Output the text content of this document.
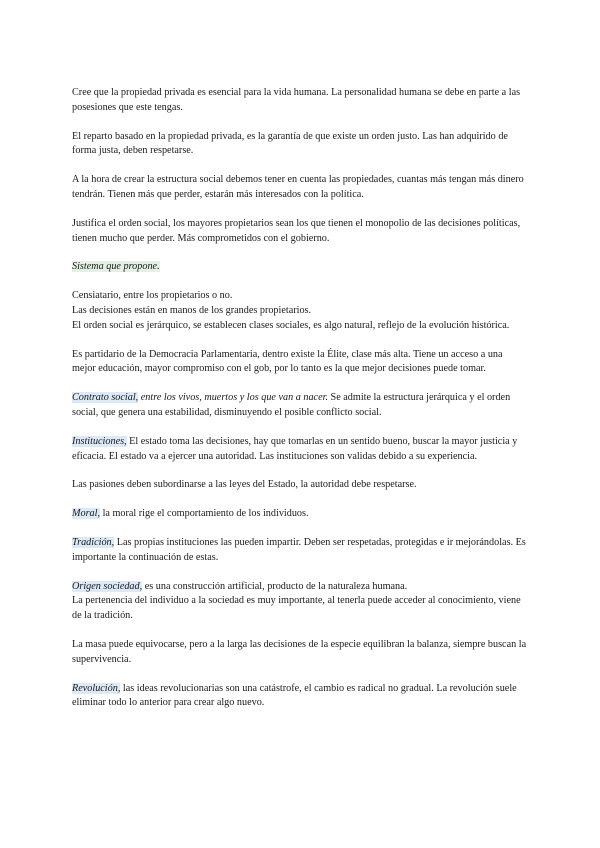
Cree que la propiedad privada es esencial para la vida humana. La personalidad humana se debe en parte a las posesiones que este tengas.

El reparto basado en la propiedad privada, es la garantía de que existe un orden justo. Las han adquirido de forma justa, deben respetarse.

A la hora de crear la estructura social debemos tener en cuenta las propiedades, cuantas más tengan más dinero tendrán. Tienen más que perder, estarán más interesados con la política.

Justifica el orden social, los mayores propietarios sean los que tienen el monopolio de las decisiones políticas, tienen mucho que perder. Más comprometidos con el gobierno.

Sistema que propone.

Censiatario, entre los propietarios o no.
Las decisiones están en manos de los grandes propietarios.
El orden social es jerárquico, se establecen clases sociales, es algo natural, reflejo de la evolución histórica.

Es partidario de la Democracia Parlamentaria, dentro existe la Élite, clase más alta. Tiene un acceso a una mejor educación, mayor compromiso con el gob, por lo tanto es la que mejor decisiones puede tomar.

Contrato social, entre los vivos, muertos y los que van a nacer. Se admite la estructura jerárquica y el orden social, que genera una estabilidad, disminuyendo el posible conflicto social.

Instituciones, El estado toma las decisiones, hay que tomarlas en un sentido bueno, buscar la mayor justicia y eficacia. El estado va a ejercer una autoridad. Las instituciones son validas debido a su experiencia.

Las pasiones deben subordinarse a las leyes del Estado, la autoridad debe respetarse.

Moral, la moral rige el comportamiento de los individuos.

Tradición, Las propias instituciones las pueden impartir. Deben ser respetadas, protegidas e ir mejorándolas. Es importante la continuación de estas.

Origen sociedad, es una construcción artificial, producto de la naturaleza humana.
La pertenencia del individuo a la sociedad es muy importante, al tenerla puede acceder al conocimiento, viene de la tradición.

La masa puede equivocarse, pero a la larga las decisiones de la especie equilibran la balanza, siempre buscan la supervivencia.

Revolución, las ideas revolucionarias son una catástrofe, el cambio es radical no gradual. La revolución suele eliminar todo lo anterior para crear algo nuevo.
